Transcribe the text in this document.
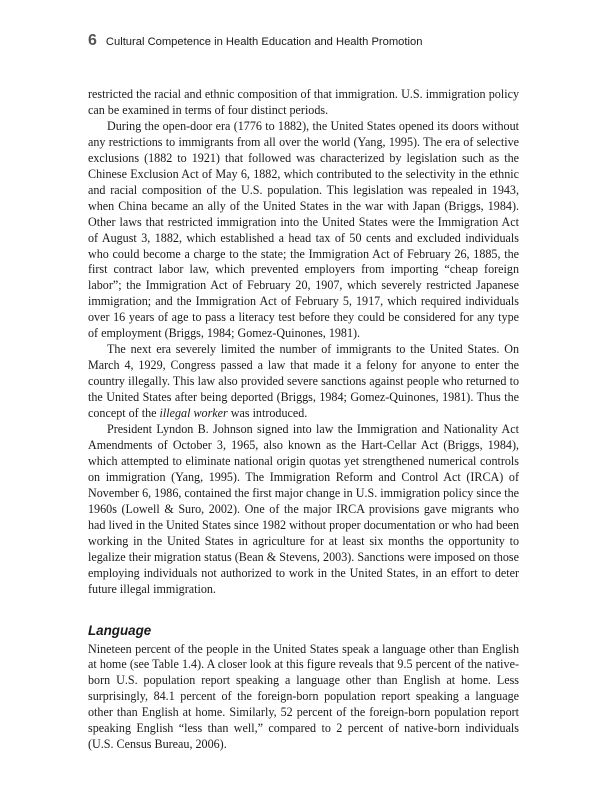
6 Cultural Competence in Health Education and Health Promotion

restricted the racial and ethnic composition of that immigration. U.S. immigration policy can be examined in terms of four distinct periods.

During the open-door era (1776 to 1882), the United States opened its doors without any restrictions to immigrants from all over the world (Yang, 1995). The era of selective exclusions (1882 to 1921) that followed was characterized by legislation such as the Chinese Exclusion Act of May 6, 1882, which contributed to the selectivity in the ethnic and racial composition of the U.S. population. This legislation was repealed in 1943, when China became an ally of the United States in the war with Japan (Briggs, 1984). Other laws that restricted immigration into the United States were the Immigration Act of August 3, 1882, which established a head tax of 50 cents and excluded individuals who could become a charge to the state; the Immigration Act of February 26, 1885, the first contract labor law, which prevented employers from importing “cheap foreign labor”; the Immigration Act of February 20, 1907, which severely restricted Japanese immigration; and the Immigration Act of February 5, 1917, which required individuals over 16 years of age to pass a literacy test before they could be considered for any type of employment (Briggs, 1984; Gomez-Quinones, 1981).

The next era severely limited the number of immigrants to the United States. On March 4, 1929, Congress passed a law that made it a felony for anyone to enter the country illegally. This law also provided severe sanctions against people who returned to the United States after being deported (Briggs, 1984; Gomez-Quinones, 1981). Thus the concept of the illegal worker was introduced.

President Lyndon B. Johnson signed into law the Immigration and Nationality Act Amendments of October 3, 1965, also known as the Hart-Cellar Act (Briggs, 1984), which attempted to eliminate national origin quotas yet strengthened numerical controls on immigration (Yang, 1995). The Immigration Reform and Control Act (IRCA) of November 6, 1986, contained the first major change in U.S. immigration policy since the 1960s (Lowell & Suro, 2002). One of the major IRCA provisions gave migrants who had lived in the United States since 1982 without proper documentation or who had been working in the United States in agriculture for at least six months the opportunity to legalize their migration status (Bean & Stevens, 2003). Sanctions were imposed on those employing individuals not authorized to work in the United States, in an effort to deter future illegal immigration.

Language

Nineteen percent of the people in the United States speak a language other than English at home (see Table 1.4). A closer look at this figure reveals that 9.5 percent of the native-born U.S. population report speaking a language other than English at home. Less surprisingly, 84.1 percent of the foreign-born population report speaking a language other than English at home. Similarly, 52 percent of the foreign-born population report speaking English “less than well,” compared to 2 percent of native-born individuals (U.S. Census Bureau, 2006).
